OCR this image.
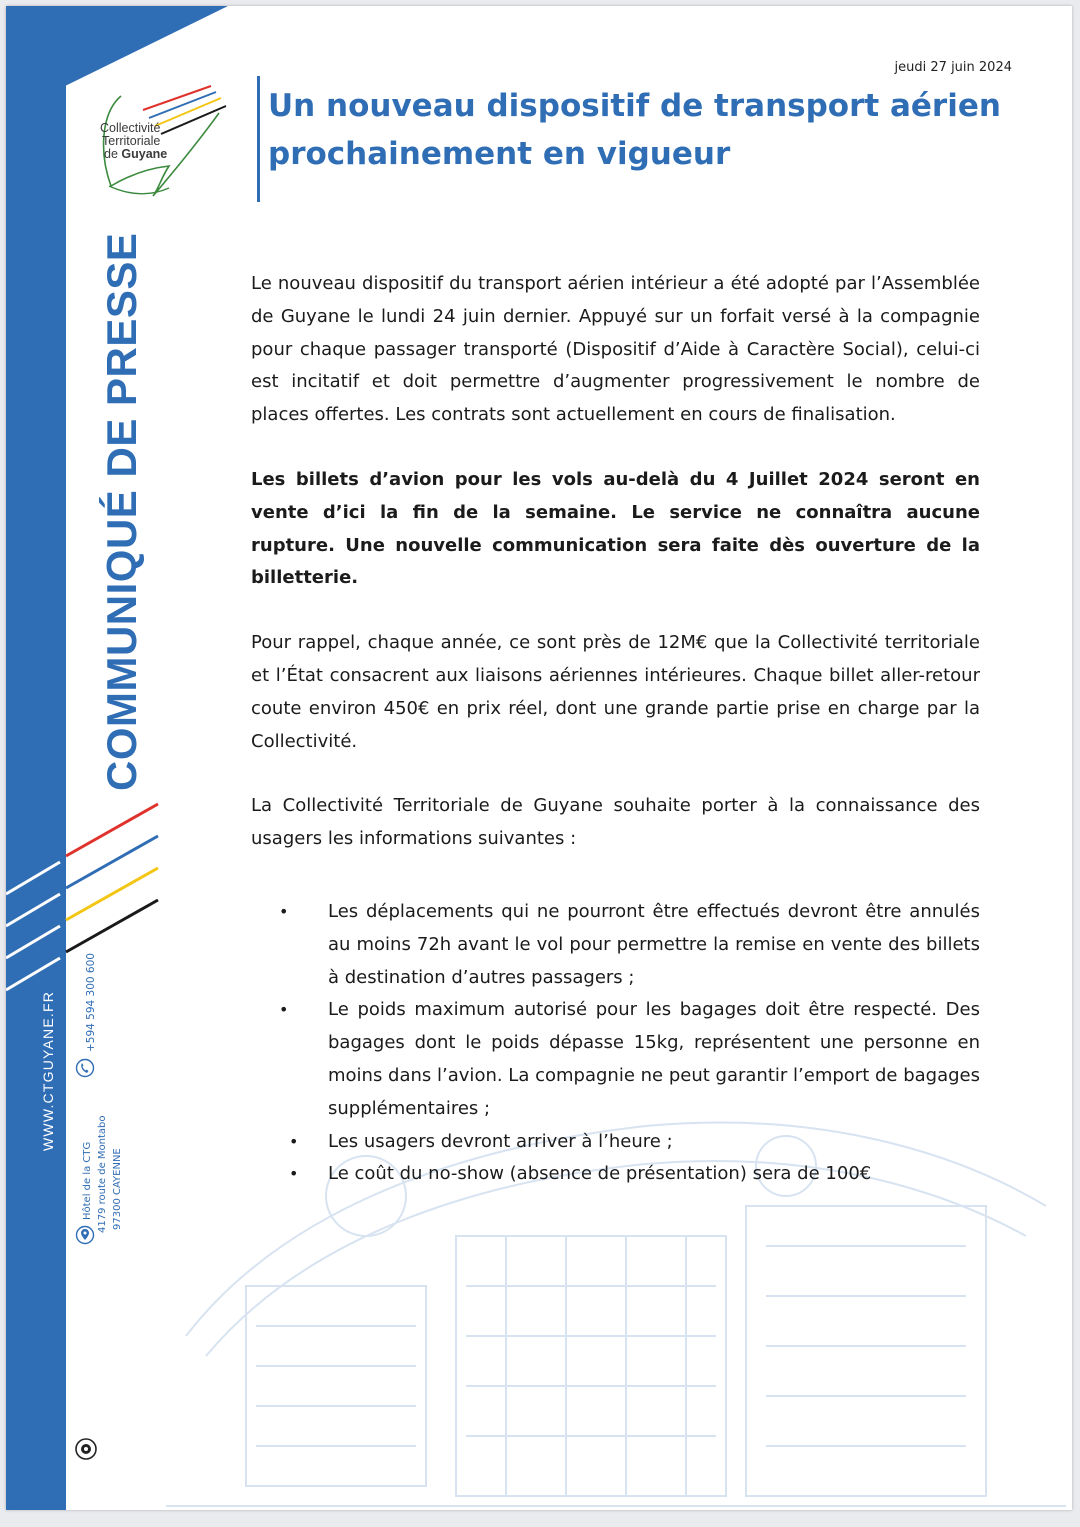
Collectivité
Territoriale
de Guyane
COMMUNIQUÉ DE PRESSE
WWW.CTGUYANE.FR	+594 594 300 600
Hôtel de la CTG 4179 route de Montabo 97300 CAYENNE
jeudi 27 juin 2024
Un nouveau dispositif de transport aérien
prochainement en vigueur

Le nouveau dispositif du transport aérien intérieur a été adopté par l’Assemblée de Guyane le lundi 24 juin dernier. Appuyé sur un forfait versé à la compagnie pour chaque passager transporté (Dispositif d’Aide à Caractère Social), celui-ci est incitatif et doit permettre d’augmenter progressivement le nombre de places offertes. Les contrats sont actuellement en cours de finalisation.

Les billets d’avion pour les vols au-delà du 4 Juillet 2024 seront en vente d’ici la fin de la semaine. Le service ne connaîtra aucune rupture. Une nouvelle communication sera faite dès ouverture de la billetterie.

Pour rappel, chaque année, ce sont près de 12M€ que la Collectivité territoriale et l’État consacrent aux liaisons aériennes intérieures. Chaque billet aller-retour coute environ 450€ en prix réel, dont une grande partie prise en charge par la Collectivité.

La Collectivité Territoriale de Guyane souhaite porter à la connaissance des usagers les informations suivantes :

• Les déplacements qui ne pourront être effectués devront être annulés au moins 72h avant le vol pour permettre la remise en vente des billets à destination d’autres passagers ;
• Le poids maximum autorisé pour les bagages doit être respecté. Des bagages dont le poids dépasse 15kg, représentent une personne en moins dans l’avion. La compagnie ne peut garantir l’emport de bagages supplémentaires ;
• Les usagers devront arriver à l’heure ;
• Le coût du no-show (absence de présentation) sera de 100€
